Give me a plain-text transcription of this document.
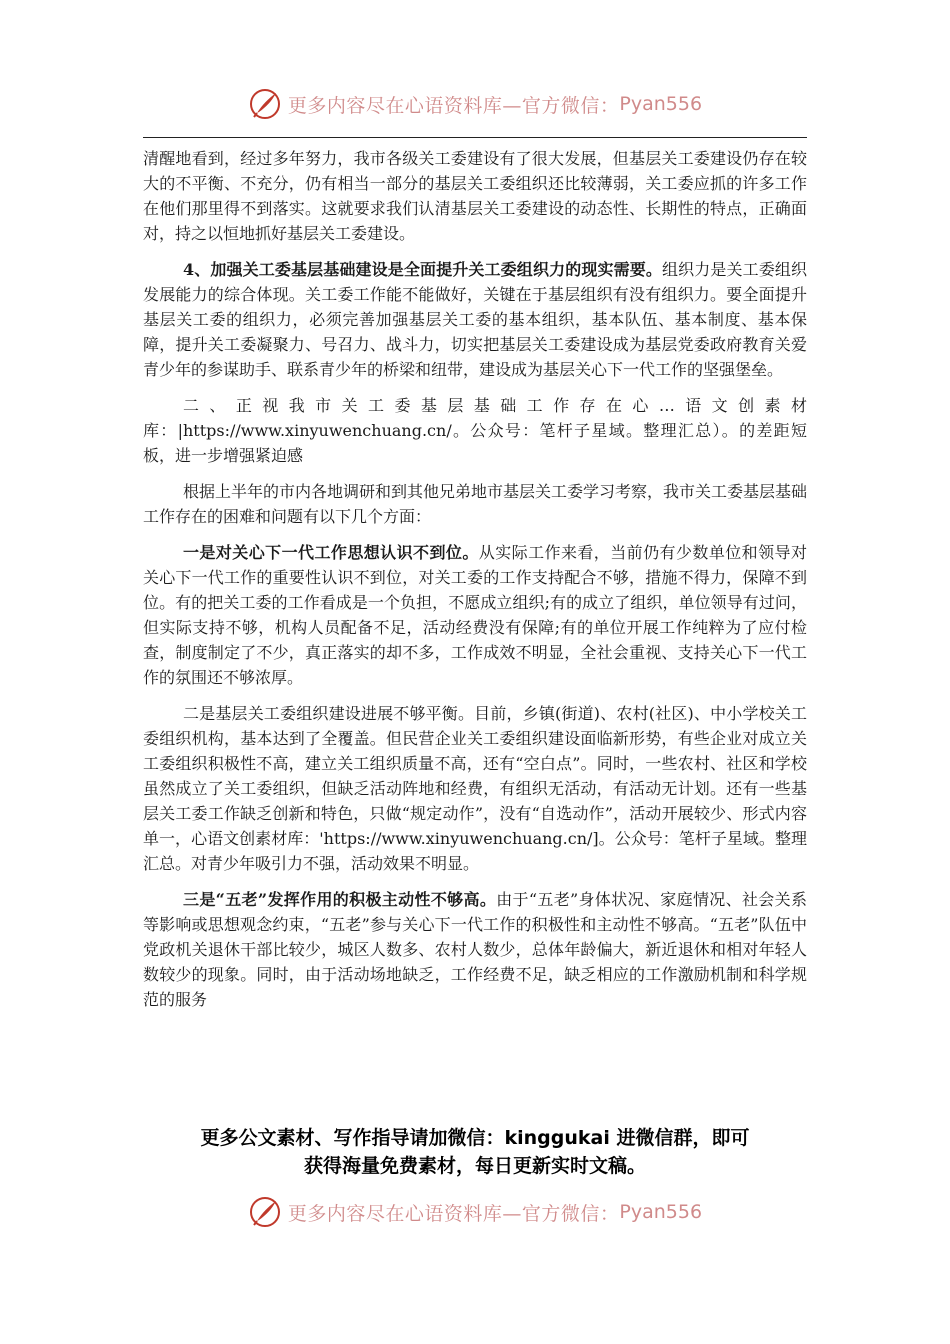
更多内容尽在心语资料库—官方微信： Pyan556

清醒地看到，经过多年努力，我市各级关工委建设有了很大发展，但基层关工委建设仍存在较大的不平衡、不充分，仍有相当一部分的基层关工委组织还比较薄弱，关工委应抓的许多工作在他们那里得不到落实。这就要求我们认清基层关工委建设的动态性、长期性的特点，正确面对，持之以恒地抓好基层关工委建设。

4、加强关工委基层基础建设是全面提升关工委组织力的现实需要。组织力是关工委组织发展能力的综合体现。关工委工作能不能做好，关键在于基层组织有没有组织力。要全面提升基层关工委的组织力，必须完善加强基层关工委的基本组织，基本队伍、基本制度、基本保障，提升关工委凝聚力、号召力、战斗力，切实把基层关工委建设成为基层党委政府教育关爱青少年的参谋助手、联系青少年的桥梁和纽带，建设成为基层关心下一代工作的坚强堡垒。

二、正视我市关工委基层基础工作存在心…语文创素材库：|https://www.xinyuwenchuang.cn/。公众号：笔杆子星域。整理汇总）。的差距短板，进一步增强紧迫感

根据上半年的市内各地调研和到其他兄弟地市基层关工委学习考察，我市关工委基层基础工作存在的困难和问题有以下几个方面：

一是对关心下一代工作思想认识不到位。从实际工作来看，当前仍有少数单位和领导对关心下一代工作的重要性认识不到位，对关工委的工作支持配合不够，措施不得力，保障不到位。有的把关工委的工作看成是一个负担，不愿成立组织;有的成立了组织，单位领导有过问，但实际支持不够，机构人员配备不足，活动经费没有保障;有的单位开展工作纯粹为了应付检查，制度制定了不少，真正落实的却不多，工作成效不明显，全社会重视、支持关心下一代工作的氛围还不够浓厚。

二是基层关工委组织建设进展不够平衡。目前，乡镇(街道)、农村(社区)、中小学校关工委组织机构，基本达到了全覆盖。但民营企业关工委组织建设面临新形势，有些企业对成立关工委组织积极性不高，建立关工组织质量不高，还有“空白点”。同时，一些农村、社区和学校虽然成立了关工委组织，但缺乏活动阵地和经费，有组织无活动，有活动无计划。还有一些基层关工委工作缺乏创新和特色，只做“规定动作”，没有“自选动作”，活动开展较少、形式内容单一，心语文创素材库：'https://www.xinyuwenchuang.cn/]。公众号：笔杆子星域。整理汇总。对青少年吸引力不强，活动效果不明显。

三是“五老”发挥作用的积极主动性不够高。由于“五老”身体状况、家庭情况、社会关系等影响或思想观念约束，“五老”参与关心下一代工作的积极性和主动性不够高。“五老”队伍中党政机关退休干部比较少，城区人数多、农村人数少，总体年龄偏大，新近退休和相对年轻人数较少的现象。同时，由于活动场地缺乏，工作经费不足，缺乏相应的工作激励机制和科学规范的服务

更多公文素材、写作指导请加微信：kinggukai 进微信群，即可
获得海量免费素材，每日更新实时文稿。
更多内容尽在心语资料库—官方微信： Pyan556
